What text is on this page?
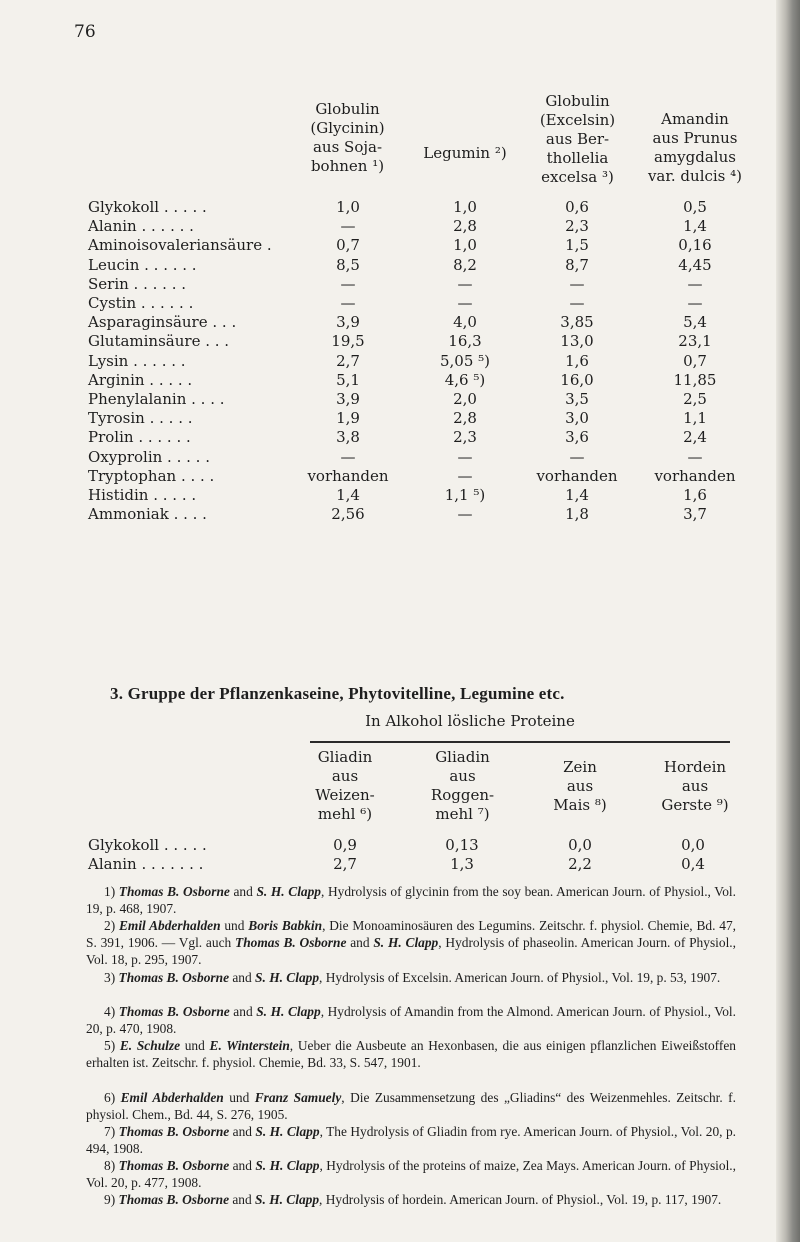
76
Globulin
(Glycinin)
aus Soja-
bohnen ¹)
Legumin ²)
Globulin
(Excelsin)
aus Ber-
thollelia
excelsa ³)
Amandin
aus Prunus
amygdalus
var. dulcis ⁴)
Glykokoll . . . . .	1,0	1,0	0,6	0,5
Alanin . . . . . .	—	2,8	2,3	1,4
Aminoisovaleriansäure .	0,7	1,0	1,5	0,16
Leucin . . . . . .	8,5	8,2	8,7	4,45
Serin . . . . . .	—	—	—	—
Cystin . . . . . .	—	—	—	—
Asparaginsäure . . .	3,9	4,0	3,85	5,4
Glutaminsäure . . .	19,5	16,3	13,0	23,1
Lysin . . . . . .	2,7	5,05 ⁵)	1,6	0,7
Arginin . . . . .	5,1	4,6 ⁵)	16,0	11,85
Phenylalanin . . . .	3,9	2,0	3,5	2,5
Tyrosin . . . . .	1,9	2,8	3,0	1,1
Prolin . . . . . .	3,8	2,3	3,6	2,4
Oxyprolin . . . . .	—	—	—	—
Tryptophan . . . .	vorhanden	—	vorhanden	vorhanden
Histidin . . . . .	1,4	1,1 ⁵)	1,4	1,6
Ammoniak . . . .	2,56	—	1,8	3,7
3. Gruppe der Pflanzenkaseine, Phytovitelline, Legumine etc.
In Alkohol lösliche Proteine
Gliadin
aus
Weizen-
mehl ⁶)
Gliadin
aus
Roggen-
mehl ⁷)
Zein
aus
Mais ⁸)
Hordein
aus
Gerste ⁹)
Glykokoll . . . . .	0,9	0,13	0,0	0,0
Alanin . . . . . . .	2,7	1,3	2,2	0,4
1) Thomas B. Osborne and S. H. Clapp, Hydrolysis of glycinin from the soy bean. American Journ. of Physiol., Vol. 19, p. 468, 1907.
2) Emil Abderhalden und Boris Babkin, Die Monoaminosäuren des Legumins. Zeitschr. f. physiol. Chemie, Bd. 47, S. 391, 1906. — Vgl. auch Thomas B. Osborne and S. H. Clapp, Hydrolysis of phaseolin. American Journ. of Physiol., Vol. 18, p. 295, 1907.
3) Thomas B. Osborne and S. H. Clapp, Hydrolysis of Excelsin. American Journ. of Physiol., Vol. 19, p. 53, 1907.
4) Thomas B. Osborne and S. H. Clapp, Hydrolysis of Amandin from the Almond. American Journ. of Physiol., Vol. 20, p. 470, 1908.
5) E. Schulze und E. Winterstein, Ueber die Ausbeute an Hexonbasen, die aus einigen pflanzlichen Eiweißstoffen erhalten ist. Zeitschr. f. physiol. Chemie, Bd. 33, S. 547, 1901.
6) Emil Abderhalden und Franz Samuely, Die Zusammensetzung des „Gliadins“ des Weizenmehles. Zeitschr. f. physiol. Chem., Bd. 44, S. 276, 1905.
7) Thomas B. Osborne and S. H. Clapp, The Hydrolysis of Gliadin from rye. American Journ. of Physiol., Vol. 20, p. 494, 1908.
8) Thomas B. Osborne and S. H. Clapp, Hydrolysis of the proteins of maize, Zea Mays. American Journ. of Physiol., Vol. 20, p. 477, 1908.
9) Thomas B. Osborne and S. H. Clapp, Hydrolysis of hordein. American Journ. of Physiol., Vol. 19, p. 117, 1907.
